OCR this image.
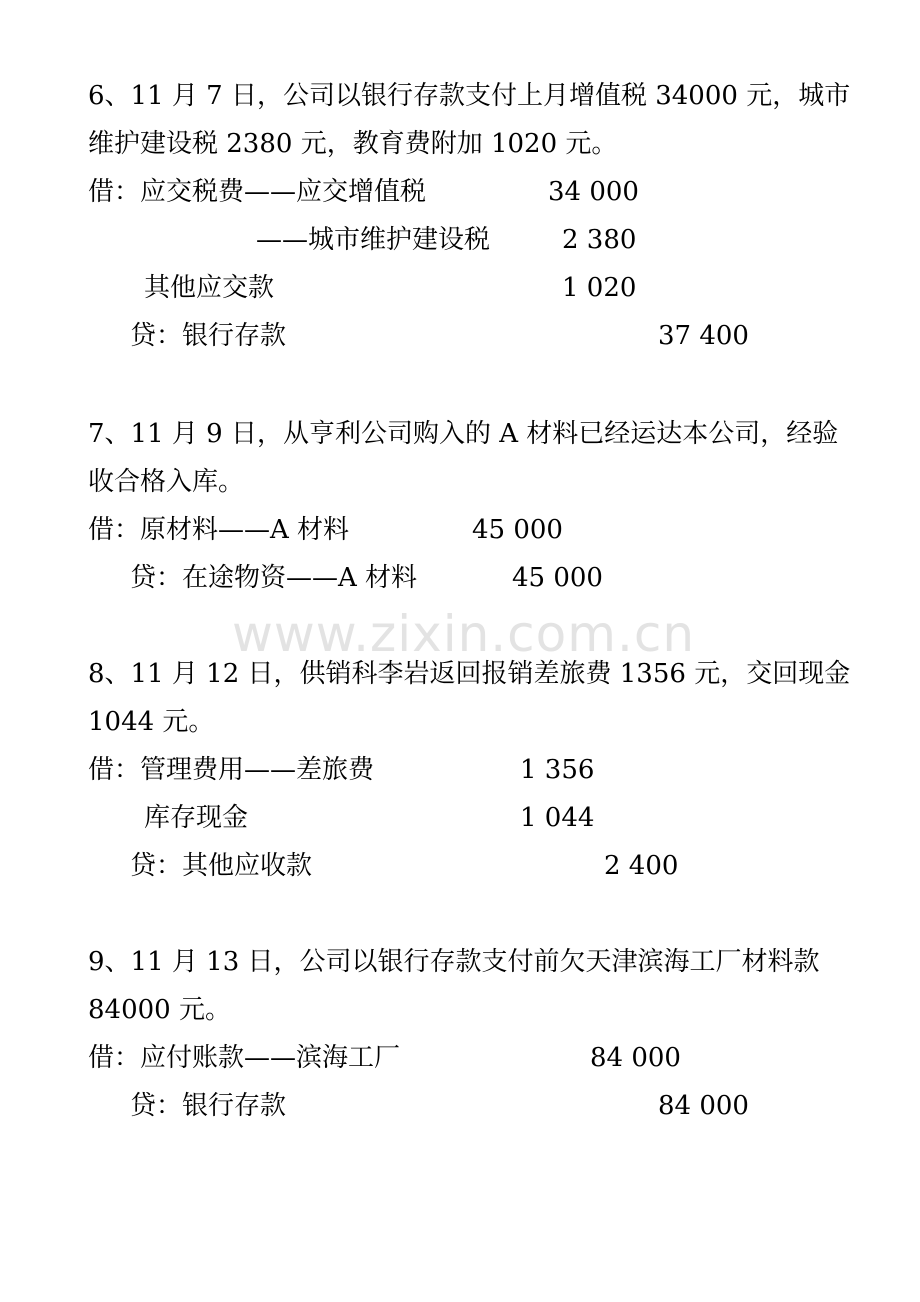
www.zixin.com.cn
6、11 月 7 日，公司以银行存款支付上月增值税 34000 元，城市
维护建设税 2380 元，教育费附加 1020 元。
借：应交税费——应交增值税	34 000
——城市维护建设税	2 380
其他应交款	1 020
贷：银行存款	37 400
7、11 月 9 日，从亨利公司购入的 A 材料已经运达本公司，经验
收合格入库。
借：原材料——A 材料	45 000
贷：在途物资——A 材料	45 000
8、11 月 12 日，供销科李岩返回报销差旅费 1356 元，交回现金
1044 元。
借：管理费用——差旅费	1 356
库存现金	1 044
贷：其他应收款	2 400
9、11 月 13 日，公司以银行存款支付前欠天津滨海工厂材料款
84000 元。
借：应付账款——滨海工厂	84 000
贷：银行存款	84 000
